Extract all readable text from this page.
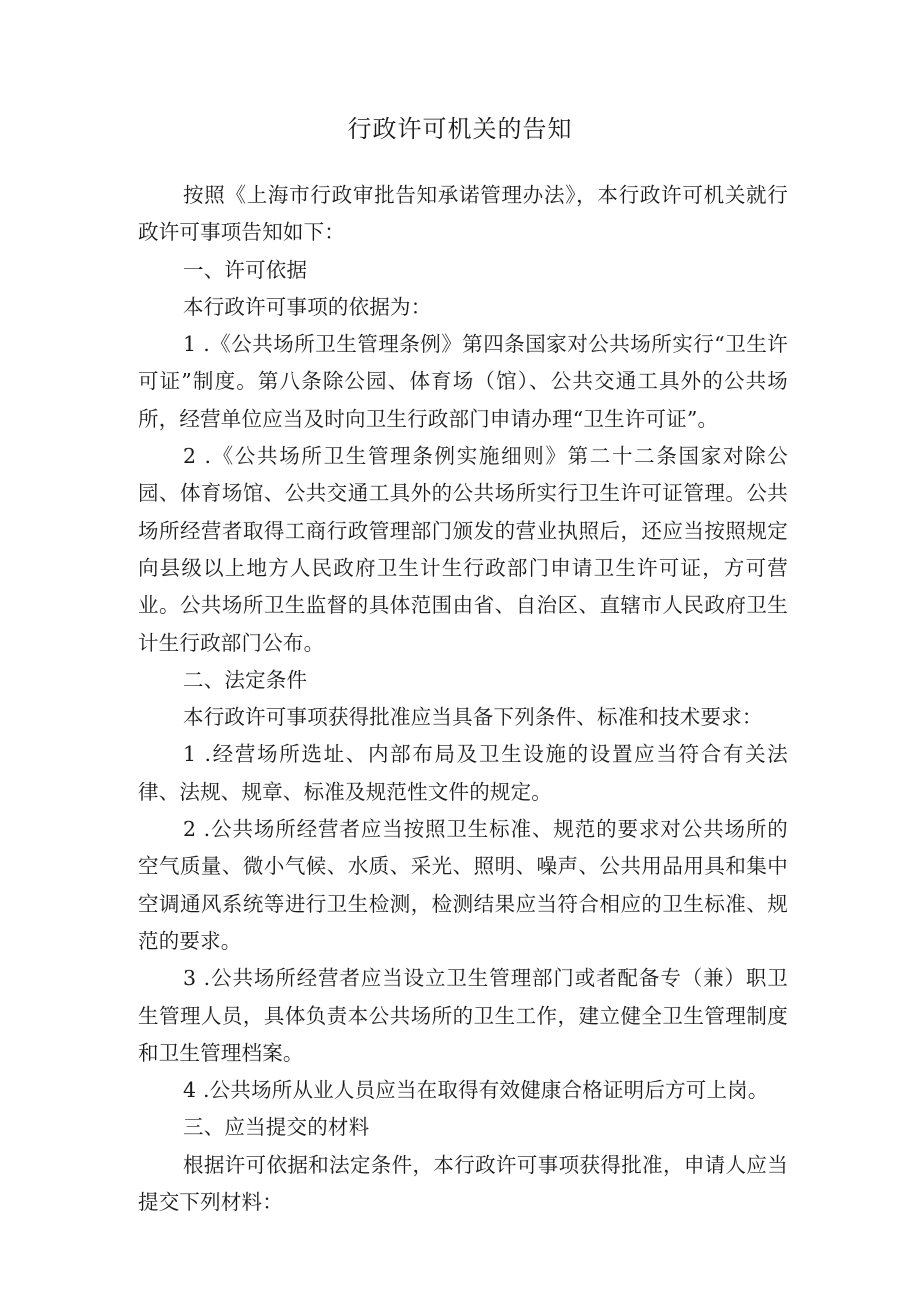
行政许可机关的告知

按照《上海市行政审批告知承诺管理办法》，本行政许可机关就行政许可事项告知如下：

一、许可依据

本行政许可事项的依据为：

1 .《公共场所卫生管理条例》第四条国家对公共场所实行“卫生许可证”制度。第八条除公园、体育场（馆）、公共交通工具外的公共场所，经营单位应当及时向卫生行政部门申请办理“卫生许可证”。

2 .《公共场所卫生管理条例实施细则》第二十二条国家对除公园、体育场馆、公共交通工具外的公共场所实行卫生许可证管理。公共场所经营者取得工商行政管理部门颁发的营业执照后，还应当按照规定向县级以上地方人民政府卫生计生行政部门申请卫生许可证，方可营业。公共场所卫生监督的具体范围由省、自治区、直辖市人民政府卫生计生行政部门公布。

二、法定条件

本行政许可事项获得批准应当具备下列条件、标准和技术要求：

1 .经营场所选址、内部布局及卫生设施的设置应当符合有关法律、法规、规章、标准及规范性文件的规定。

2 .公共场所经营者应当按照卫生标准、规范的要求对公共场所的空气质量、微小气候、水质、采光、照明、噪声、公共用品用具和集中空调通风系统等进行卫生检测，检测结果应当符合相应的卫生标准、规范的要求。

3 .公共场所经营者应当设立卫生管理部门或者配备专（兼）职卫生管理人员，具体负责本公共场所的卫生工作，建立健全卫生管理制度和卫生管理档案。

4 .公共场所从业人员应当在取得有效健康合格证明后方可上岗。

三、应当提交的材料

根据许可依据和法定条件，本行政许可事项获得批准，申请人应当提交下列材料：
